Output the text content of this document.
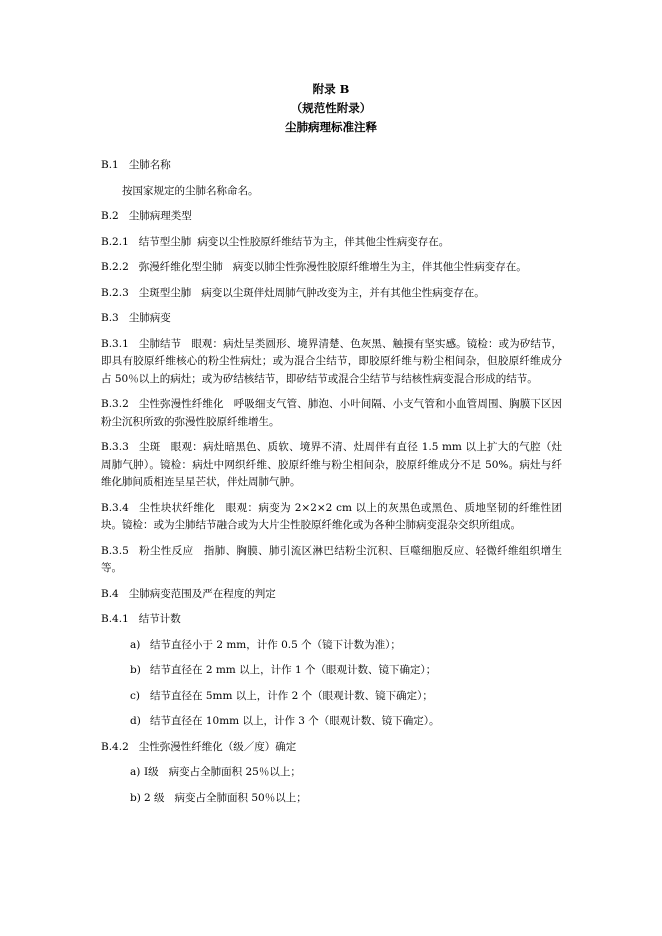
附录 B
（规范性附录）
尘肺病理标准注释
B.1 尘肺名称
按国家规定的尘肺名称命名。
B.2 尘肺病理类型
B.2.1 结节型尘肺 病变以尘性胶原纤维结节为主，伴其他尘性病变存在。
B.2.2 弥漫纤维化型尘肺 病变以肺尘性弥漫性胶原纤维增生为主，伴其他尘性病变存在。
B.2.3 尘斑型尘肺 病变以尘斑伴灶周肺气肿改变为主，并有其他尘性病变存在。
B.3 尘肺病变
B.3.1 尘肺结节 眼观：病灶呈类圆形、境界清楚、色灰黑、触摸有坚实感。镜检：或为矽结节，即具有胶原纤维核心的粉尘性病灶；或为混合尘结节，即胶原纤维与粉尘相间杂，但胶原纤维成分占 50％以上的病灶；或为矽结核结节，即矽结节或混合尘结节与结核性病变混合形成的结节。
B.3.2 尘性弥漫性纤维化 呼吸细支气管、肺泡、小叶间隔、小支气管和小血管周围、胸膜下区因粉尘沉积所致的弥漫性胶原纤维增生。
B.3.3 尘斑 眼观：病灶暗黑色、质软、境界不清、灶周伴有直径 1.5 mm 以上扩大的气腔（灶周肺气肿）。镜检：病灶中网织纤维、胶原纤维与粉尘相间杂，胶原纤维成分不足 50%。病灶与纤维化肺间质相连呈星芒状，伴灶周肺气肿。
B.3.4 尘性块状纤维化 眼观：病变为 2×2×2 cm 以上的灰黑色或黑色、质地坚韧的纤维性团块。镜检：或为尘肺结节融合或为大片尘性胶原纤维化或为各种尘肺病变混杂交织所组成。
B.3.5 粉尘性反应 指肺、胸膜、肺引流区淋巴结粉尘沉积、巨噬细胞反应、轻微纤维组织增生等。
B.4 尘肺病变范围及严在程度的判定
B.4.1 结节计数
a) 结节直径小于 2 mm，计作 0.5 个（镜下计数为准）；
b) 结节直径在 2 mm 以上，计作 1 个（眼观计数、镜下确定）；
c) 结节直径在 5mm 以上，计作 2 个（眼观计数、镜下确定）；
d) 结节直径在 10mm 以上，计作 3 个（眼观计数、镜下确定）。
B.4.2 尘性弥漫性纤维化（级／度）确定
a) Ⅰ级 病变占全肺面积 25％以上；
b) 2 级 病变占全肺面积 50％以上；
